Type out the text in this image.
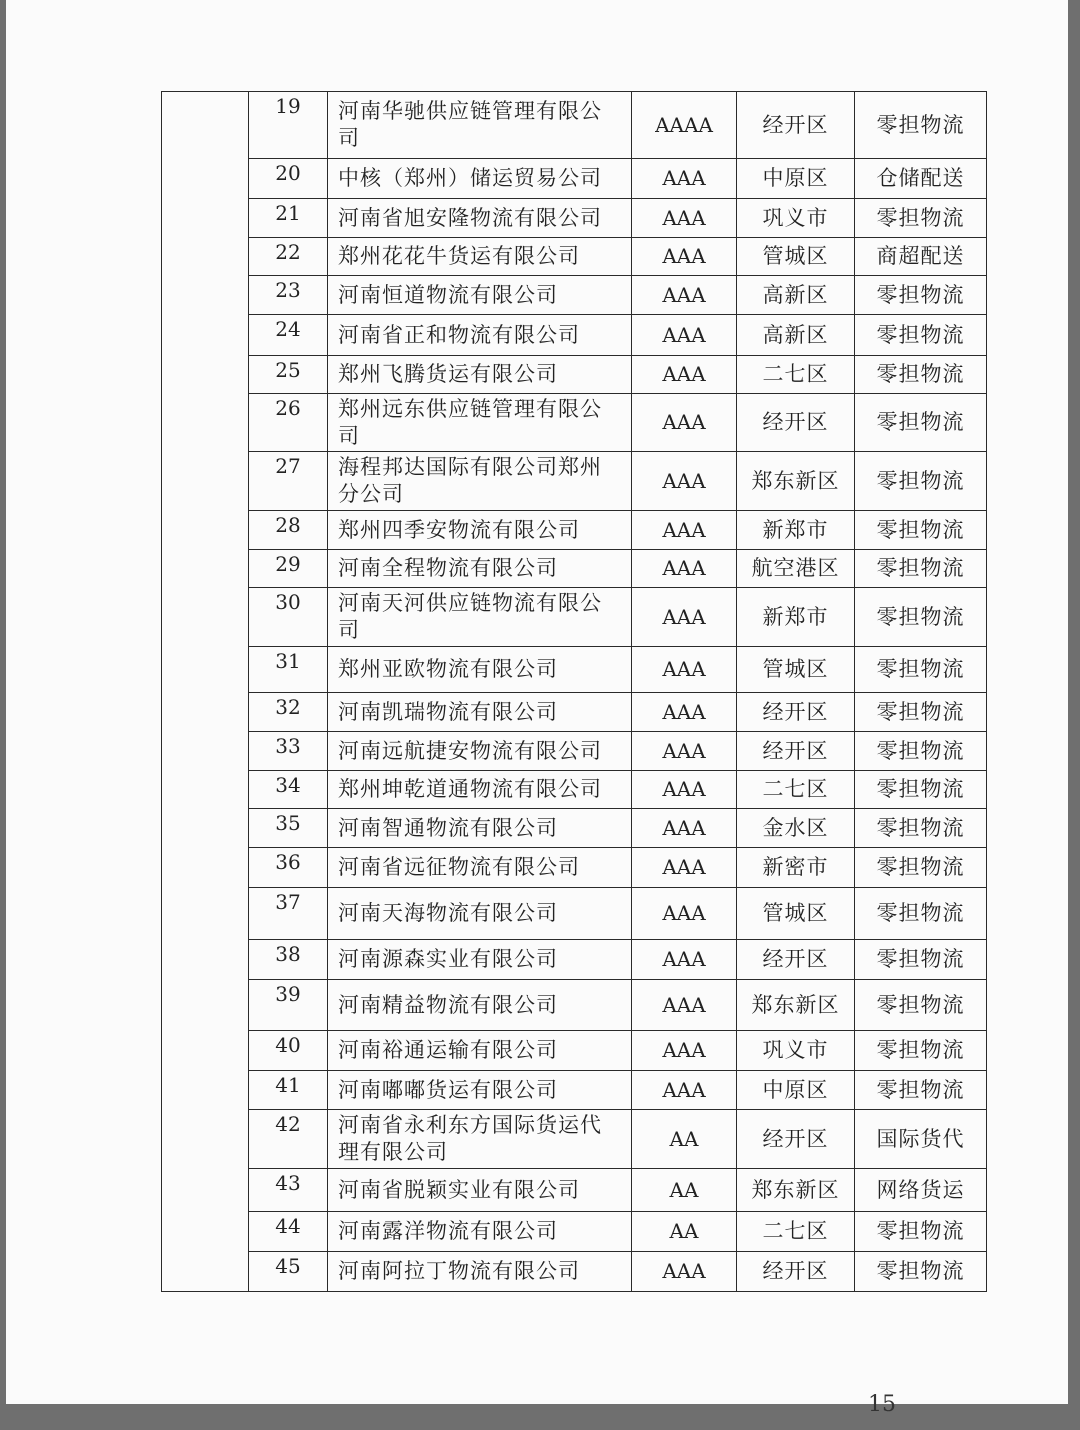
	19	河南华驰供应链管理有限公司	AAAA	经开区	零担物流
	20	中核（郑州）储运贸易公司	AAA	中原区	仓储配送
	21	河南省旭安隆物流有限公司	AAA	巩义市	零担物流
	22	郑州花花牛货运有限公司	AAA	管城区	商超配送
	23	河南恒道物流有限公司	AAA	高新区	零担物流
	24	河南省正和物流有限公司	AAA	高新区	零担物流
	25	郑州飞腾货运有限公司	AAA	二七区	零担物流
	26	郑州远东供应链管理有限公司	AAA	经开区	零担物流
	27	海程邦达国际有限公司郑州分公司	AAA	郑东新区	零担物流
	28	郑州四季安物流有限公司	AAA	新郑市	零担物流
	29	河南全程物流有限公司	AAA	航空港区	零担物流
	30	河南天河供应链物流有限公司	AAA	新郑市	零担物流
	31	郑州亚欧物流有限公司	AAA	管城区	零担物流
	32	河南凯瑞物流有限公司	AAA	经开区	零担物流
	33	河南远航捷安物流有限公司	AAA	经开区	零担物流
	34	郑州坤乾道通物流有限公司	AAA	二七区	零担物流
	35	河南智通物流有限公司	AAA	金水区	零担物流
	36	河南省远征物流有限公司	AAA	新密市	零担物流
	37	河南天海物流有限公司	AAA	管城区	零担物流
	38	河南源森实业有限公司	AAA	经开区	零担物流
	39	河南精益物流有限公司	AAA	郑东新区	零担物流
	40	河南裕通运输有限公司	AAA	巩义市	零担物流
	41	河南嘟嘟货运有限公司	AAA	中原区	零担物流
	42	河南省永利东方国际货运代理有限公司	AA	经开区	国际货代
	43	河南省脱颖实业有限公司	AA	郑东新区	网络货运
	44	河南露洋物流有限公司	AA	二七区	零担物流
	45	河南阿拉丁物流有限公司	AAA	经开区	零担物流
15
